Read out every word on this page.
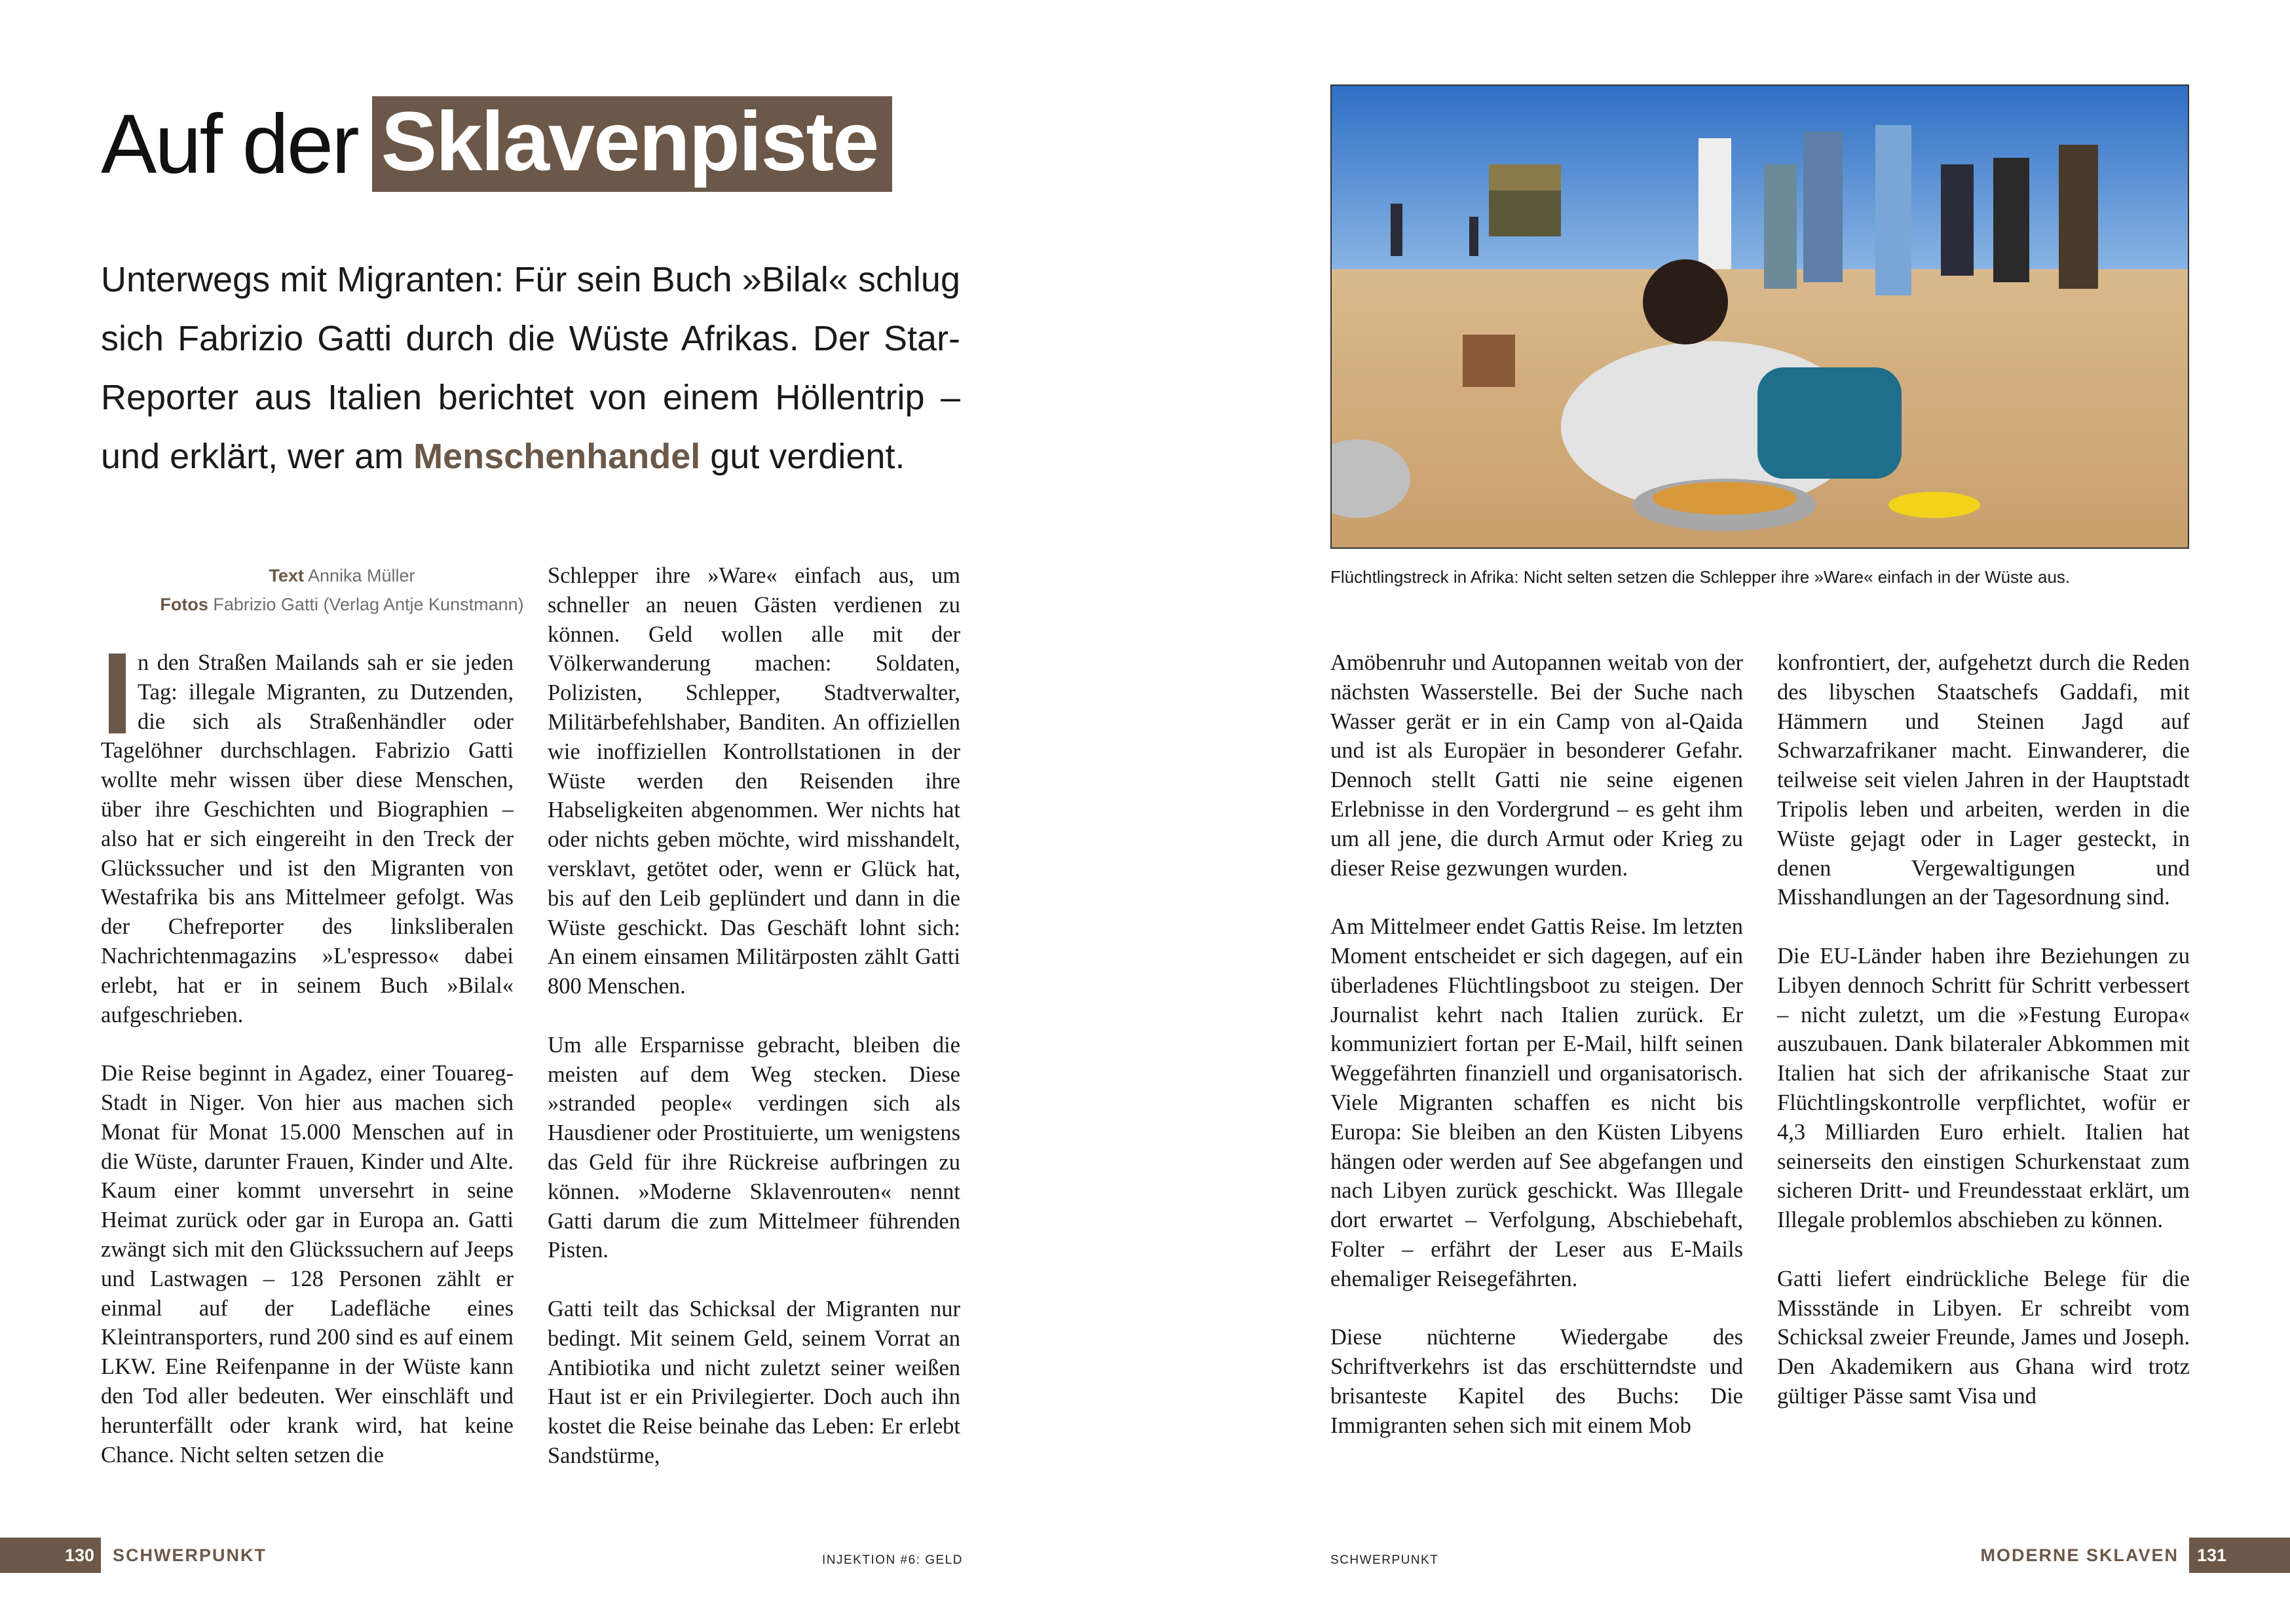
Auf der Sklavenpiste
Unterwegs mit Migranten: Für sein Buch »Bilal« schlug
sich Fabrizio Gatti durch die Wüste Afrikas. Der Star-
Reporter aus Italien berichtet von einem Höllentrip –
und erklärt, wer am Menschenhandel gut verdient.
Text Annika Müller
Fotos Fabrizio Gatti (Verlag Antje Kunstmann)

I	n den Straßen Mailands sah er sie jeden Tag: illegale Migranten, zu Dutzenden, die sich als Straßenhändler oder Tagelöhner durchschlagen. Fabrizio Gatti wollte mehr wissen über diese Menschen, über ihre Geschichten und Biographien – also hat er sich eingereiht in den Treck der Glückssucher und ist den Migranten von Westafrika bis ans Mittelmeer gefolgt. Was der Chefreporter des linksliberalen Nachrichtenmagazins »L'espresso« dabei erlebt, hat er in seinem Buch »Bilal« aufgeschrieben.

Die Reise beginnt in Agadez, einer Touareg-Stadt in Niger. Von hier aus machen sich Monat für Monat 15.000 Menschen auf in die Wüste, darunter Frauen, Kinder und Alte. Kaum einer kommt unversehrt in seine Heimat zurück oder gar in Europa an. Gatti zwängt sich mit den Glückssuchern auf Jeeps und Lastwagen – 128 Personen zählt er einmal auf der Ladefläche eines Kleintransporters, rund 200 sind es auf einem LKW. Eine Reifenpanne in der Wüste kann den Tod aller bedeuten. Wer einschläft und herunterfällt oder krank wird, hat keine Chance. Nicht selten setzen die

Schlepper ihre »Ware« einfach aus, um schneller an neuen Gästen verdienen zu können. Geld wollen alle mit der Völkerwanderung machen: Soldaten, Polizisten, Schlepper, Stadtverwalter, Militärbefehlshaber, Banditen. An offiziellen wie inoffiziellen Kontrollstationen in der Wüste werden den Reisenden ihre Habseligkeiten abgenommen. Wer nichts hat oder nichts geben möchte, wird misshandelt, versklavt, getötet oder, wenn er Glück hat, bis auf den Leib geplündert und dann in die Wüste geschickt. Das Geschäft lohnt sich: An einem einsamen Militärposten zählt Gatti 800 Menschen.

Um alle Ersparnisse gebracht, bleiben die meisten auf dem Weg stecken. Diese »stranded people« verdingen sich als Hausdiener oder Prostituierte, um wenigstens das Geld für ihre Rückreise aufbringen zu können. »Moderne Sklavenrouten« nennt Gatti darum die zum Mittelmeer führenden Pisten.

Gatti teilt das Schicksal der Migranten nur bedingt. Mit seinem Geld, seinem Vorrat an Antibiotika und nicht zuletzt seiner weißen Haut ist er ein Privilegierter. Doch auch ihn kostet die Reise beinahe das Leben: Er erlebt Sandstürme,

Amöbenruhr und Autopannen weitab von der nächsten Wasserstelle. Bei der Suche nach Wasser gerät er in ein Camp von al-Qaida und ist als Europäer in besonderer Gefahr. Dennoch stellt Gatti nie seine eigenen Erlebnisse in den Vordergrund – es geht ihm um all jene, die durch Armut oder Krieg zu dieser Reise gezwungen wurden.

Am Mittelmeer endet Gattis Reise. Im letzten Moment entscheidet er sich dagegen, auf ein überladenes Flüchtlingsboot zu steigen. Der Journalist kehrt nach Italien zurück. Er kommuniziert fortan per E-Mail, hilft seinen Weggefährten finanziell und organisatorisch. Viele Migranten schaffen es nicht bis Europa: Sie bleiben an den Küsten Libyens hängen oder werden auf See abgefangen und nach Libyen zurück geschickt. Was Illegale dort erwartet – Verfolgung, Abschiebehaft, Folter – erfährt der Leser aus E-Mails ehemaliger Reisegefährten.

Diese nüchterne Wiedergabe des Schriftverkehrs ist das erschütterndste und brisanteste Kapitel des Buchs: Die Immigranten sehen sich mit einem Mob

konfrontiert, der, aufgehetzt durch die Reden des libyschen Staatschefs Gaddafi, mit Hämmern und Steinen Jagd auf Schwarzafrikaner macht. Einwanderer, die teilweise seit vielen Jahren in der Hauptstadt Tripolis leben und arbeiten, werden in die Wüste gejagt oder in Lager gesteckt, in denen Vergewaltigungen und Misshandlungen an der Tagesordnung sind.

Die EU-Länder haben ihre Beziehungen zu Libyen dennoch Schritt für Schritt verbessert – nicht zuletzt, um die »Festung Europa« auszubauen. Dank bilateraler Abkommen mit Italien hat sich der afrikanische Staat zur Flüchtlingskontrolle verpflichtet, wofür er 4,3 Milliarden Euro erhielt. Italien hat seinerseits den einstigen Schurkenstaat zum sicheren Dritt- und Freundesstaat erklärt, um Illegale problemlos abschieben zu können.

Gatti liefert eindrückliche Belege für die Missstände in Libyen. Er schreibt vom Schicksal zweier Freunde, James und Joseph. Den Akademikern aus Ghana wird trotz gültiger Pässe samt Visa und

Flüchtlingstreck in Afrika: Nicht selten setzen die Schlepper ihre »Ware« einfach in der Wüste aus.
130	SCHWERPUNKT	INJEKTION #6: GELD	SCHWERPUNKT	MODERNE SKLAVEN	131
